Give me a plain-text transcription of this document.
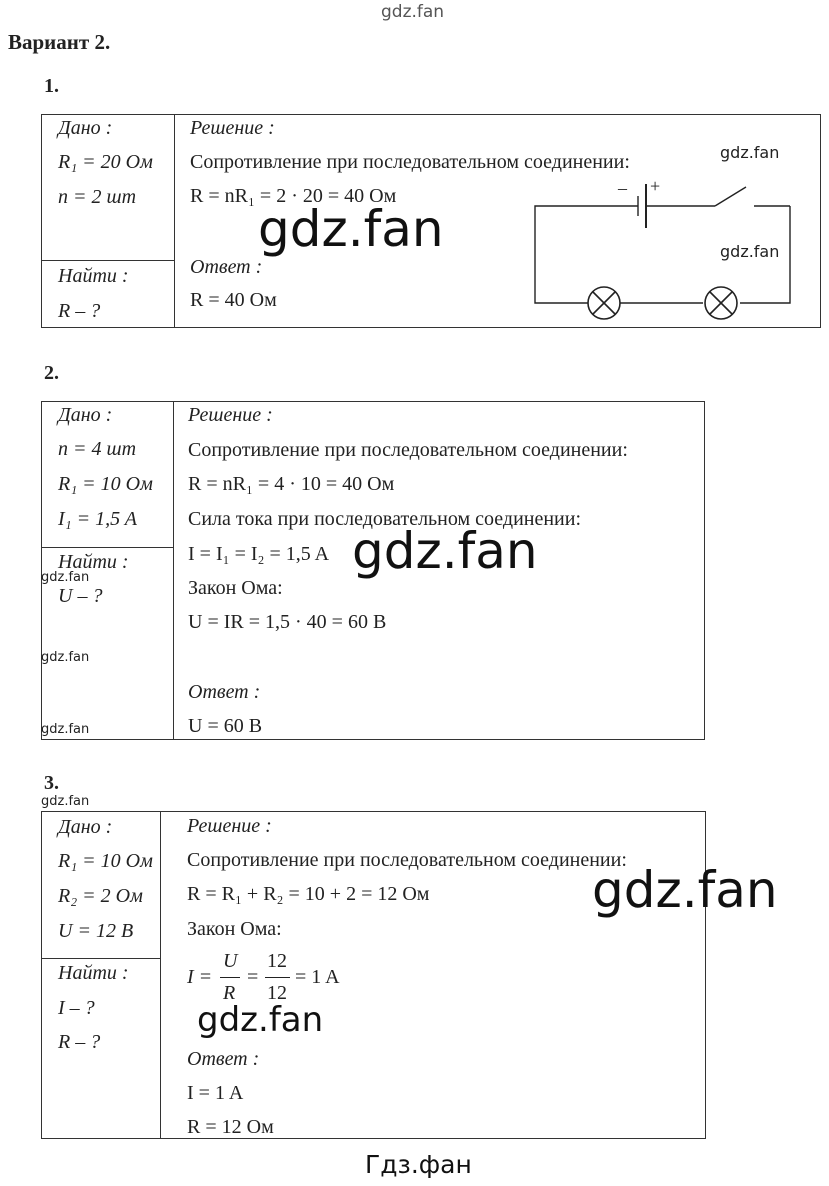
gdz.fan
Вариант 2.
1.
Дано :
R₁ = 20 Ом
n = 2 шт
Найти :
R – ?
Решение :
Сопротивление при последовательном соединении:
R = nR₁ = 2 · 20 = 40 Ом
Ответ :
R = 40 Ом
– +
gdz.fan
gdz.fan
gdz.fan
2.
Дано :
n = 4 шт
R₁ = 10 Ом
I₁ = 1,5 A
Найти :
U – ?
Решение :
Сопротивление при последовательном соединении:
R = nR₁ = 4 · 10 = 40 Ом
Сила тока при последовательном соединении:
I = I₁ = I₂ = 1,5 A
Закон Ома:
U = IR = 1,5 · 40 = 60 B
Ответ :
U = 60 B
gdz.fan
gdz.fan
gdz.fan
gdz.fan
3.
gdz.fan
Дано :
R₁ = 10 Ом
R₂ = 2 Ом
U = 12 B
Найти :
I – ?
R – ?
Решение :
Сопротивление при последовательном соединении:
R = R₁ + R₂ = 10 + 2 = 12 Ом
Закон Ома:
I =
U
R
=
12
12
= 1 A
Ответ :
I = 1 A
R = 12 Ом
gdz.fan
gdz.fan
Гдз.фан
